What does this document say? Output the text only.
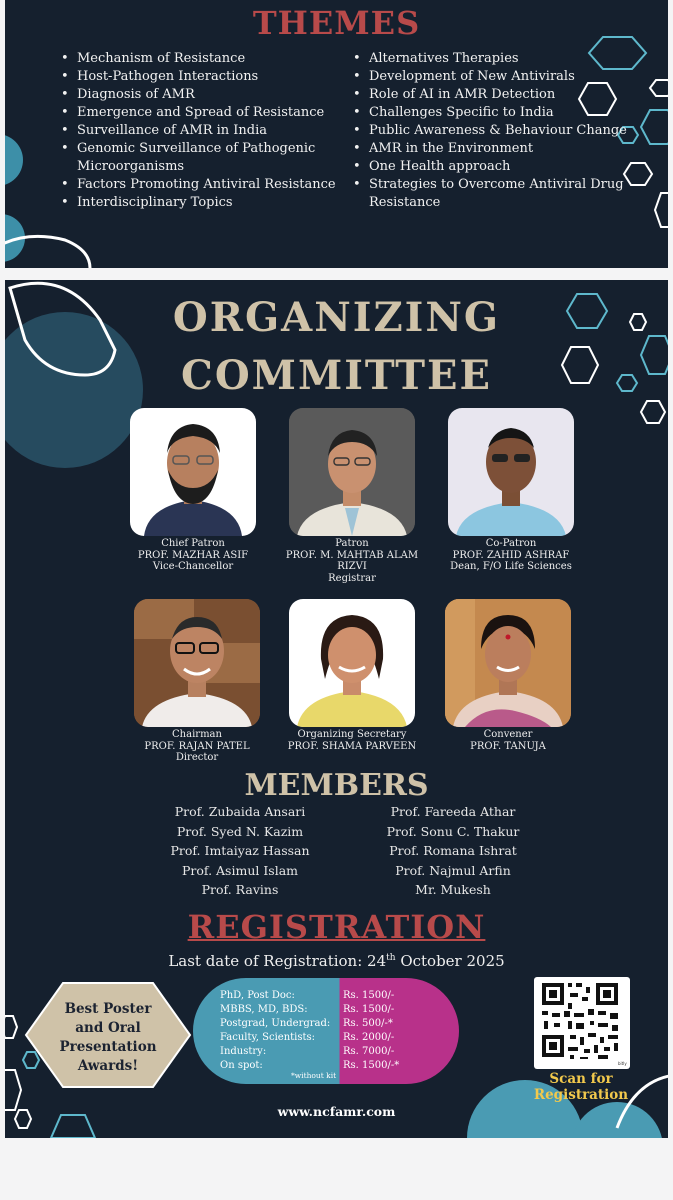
THEMES
• Mechanism of Resistance
• Host-Pathogen Interactions
• Diagnosis of AMR
• Emergence and Spread of Resistance
• Surveillance of AMR in India
• Genomic Surveillance of Pathogenic Microorganisms
• Factors Promoting Antiviral Resistance
• Interdisciplinary Topics
• Alternatives Therapies
• Development of New Antivirals
• Role of AI in AMR Detection
• Challenges Specific to India
• Public Awareness & Behaviour Change
• AMR in the Environment
• One Health approach
• Strategies to Overcome Antiviral Drug Resistance
ORGANIZING
COMMITTEE
Chief Patron
PROF. MAZHAR ASIF
Vice-Chancellor
Patron
PROF. M. MAHTAB ALAM RIZVI
Registrar
Co-Patron
PROF. ZAHID ASHRAF
Dean, F/O Life Sciences
Chairman
PROF. RAJAN PATEL
Director
Organizing Secretary
PROF. SHAMA PARVEEN
Convener
PROF. TANUJA
MEMBERS
Prof. Zubaida Ansari
Prof. Syed N. Kazim
Prof. Imtaiyaz Hassan
Prof. Asimul Islam
Prof. Ravins
Prof. Fareeda Athar
Prof. Sonu C. Thakur
Prof. Romana Ishrat
Prof. Najmul Arfin
Mr. Mukesh
REGISTRATION
Last date of Registration: 24th October 2025
Best Poster
and Oral
Presentation
Awards!
PhD, Post Doc:	Rs. 1500/-
MBBS, MD, BDS:	Rs. 1500/-
Postgrad, Undergrad:	Rs. 500/-*
Faculty, Scientists:	Rs. 2000/-
Industry:	Rs. 7000/-
On spot:	Rs. 1500/-*
*without kit
bitly
Scan for
Registration
www.ncfamr.com
